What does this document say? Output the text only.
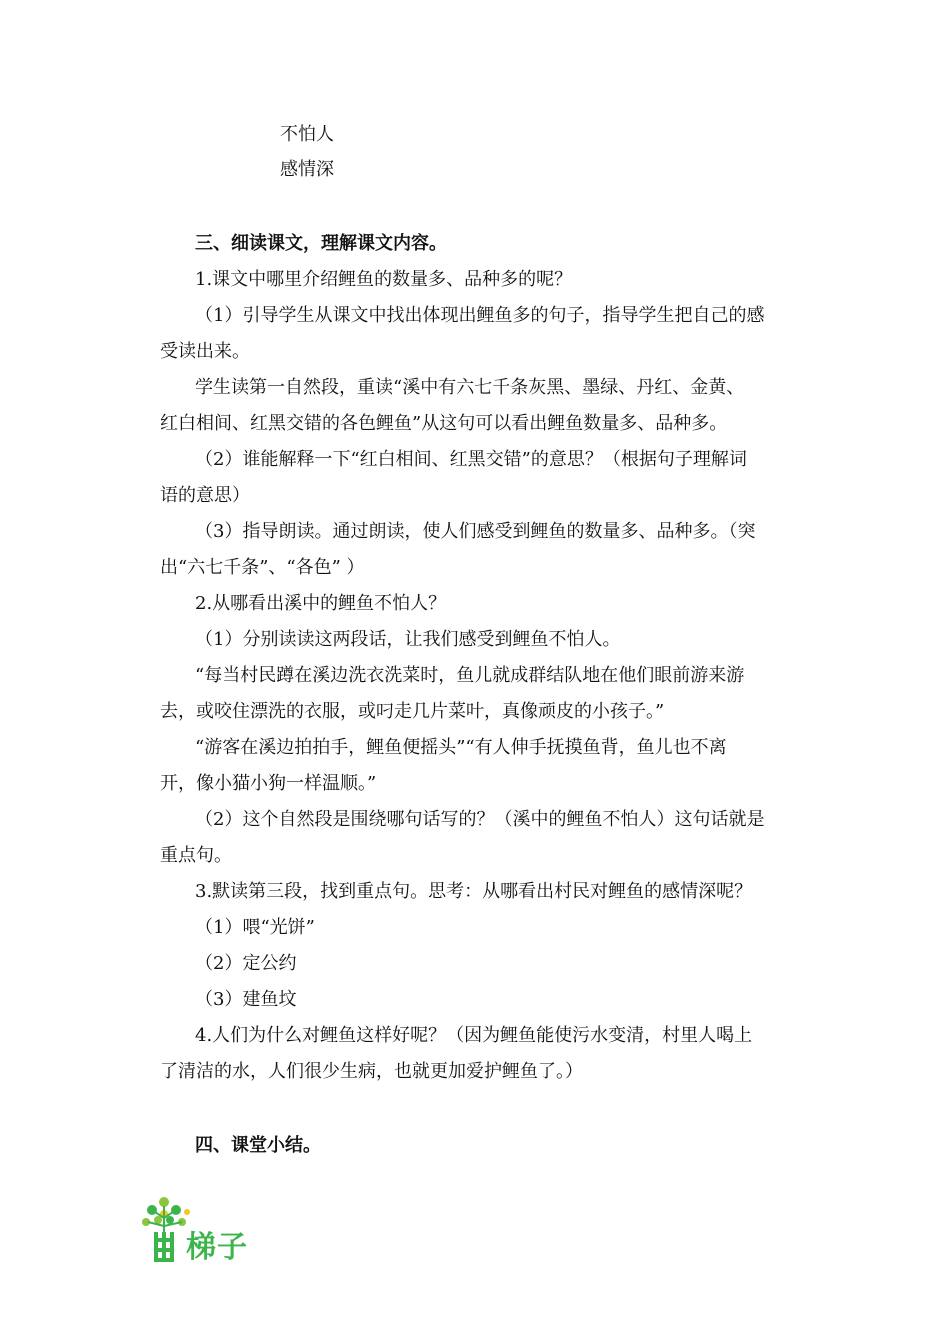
不怕人
感情深
三、细读课文，理解课文内容。
1.课文中哪里介绍鲤鱼的数量多、品种多的呢？
（1）引导学生从课文中找出体现出鲤鱼多的句子，指导学生把自己的感
受读出来。
学生读第一自然段，重读“溪中有六七千条灰黑、墨绿、丹红、金黄、
红白相间、红黑交错的各色鲤鱼”从这句可以看出鲤鱼数量多、品种多。
（2）谁能解释一下“红白相间、红黑交错”的意思？（根据句子理解词
语的意思）
（3）指导朗读。通过朗读，使人们感受到鲤鱼的数量多、品种多。（突
出“六七千条”、“各色” ）
2.从哪看出溪中的鲤鱼不怕人？
（1）分别读读这两段话，让我们感受到鲤鱼不怕人。
“每当村民蹲在溪边洗衣洗菜时，鱼儿就成群结队地在他们眼前游来游
去，或咬住漂洗的衣服，或叼走几片菜叶，真像顽皮的小孩子。”
“游客在溪边拍拍手，鲤鱼便摇头”“有人伸手抚摸鱼背，鱼儿也不离
开，像小猫小狗一样温顺。”
（2）这个自然段是围绕哪句话写的？（溪中的鲤鱼不怕人）这句话就是
重点句。
3.默读第三段，找到重点句。思考：从哪看出村民对鲤鱼的感情深呢？
（1）喂“光饼”
（2）定公约
（3）建鱼坟
4.人们为什么对鲤鱼这样好呢？（因为鲤鱼能使污水变清，村里人喝上
了清洁的水，人们很少生病，也就更加爱护鲤鱼了。）
四、课堂小结。
梯子
